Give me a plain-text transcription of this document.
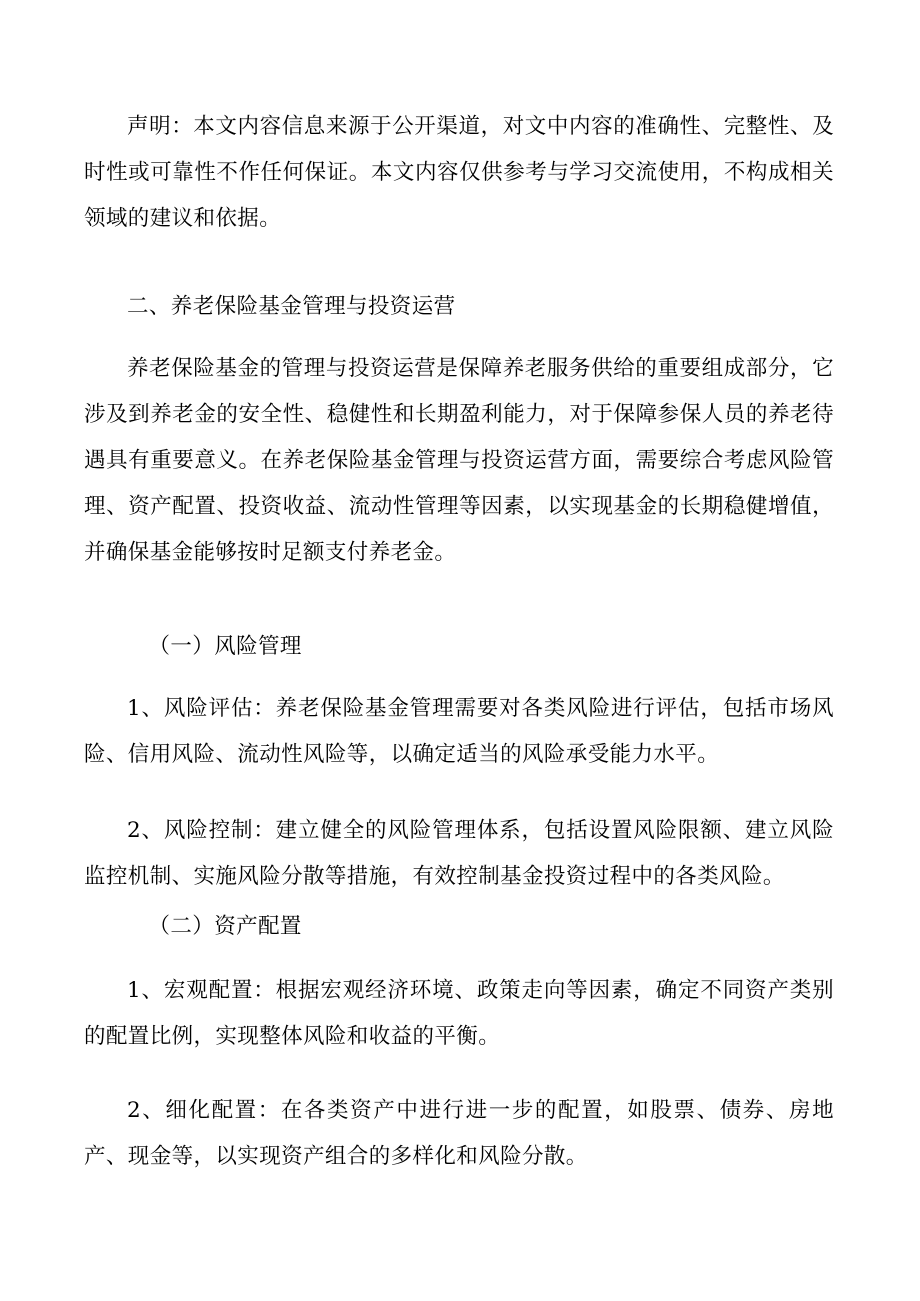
声明：本文内容信息来源于公开渠道，对文中内容的准确性、完整性、及时性或可靠性不作任何保证。本文内容仅供参考与学习交流使用，不构成相关领域的建议和依据。

二、养老保险基金管理与投资运营

养老保险基金的管理与投资运营是保障养老服务供给的重要组成部分，它涉及到养老金的安全性、稳健性和长期盈利能力，对于保障参保人员的养老待遇具有重要意义。在养老保险基金管理与投资运营方面，需要综合考虑风险管理、资产配置、投资收益、流动性管理等因素，以实现基金的长期稳健增值，并确保基金能够按时足额支付养老金。

（一）风险管理

1、风险评估：养老保险基金管理需要对各类风险进行评估，包括市场风险、信用风险、流动性风险等，以确定适当的风险承受能力水平。

2、风险控制：建立健全的风险管理体系，包括设置风险限额、建立风险监控机制、实施风险分散等措施，有效控制基金投资过程中的各类风险。

（二）资产配置

1、宏观配置：根据宏观经济环境、政策走向等因素，确定不同资产类别的配置比例，实现整体风险和收益的平衡。

2、细化配置：在各类资产中进行进一步的配置，如股票、债券、房地产、现金等，以实现资产组合的多样化和风险分散。
